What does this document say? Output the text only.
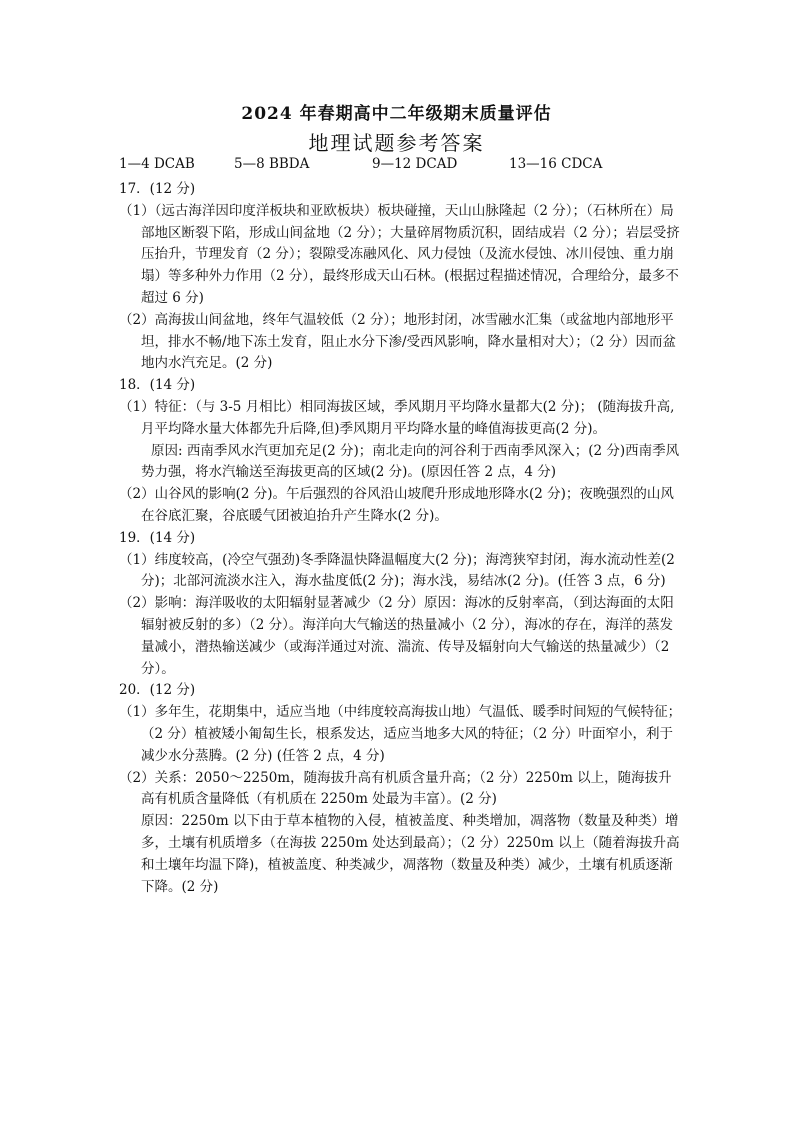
2024 年春期高中二年级期末质量评估
地理试题参考答案
1—4 DCAB	5—8 BBDA	9—12 DCAD	13—16 CDCA

17．(12 分)

（1）（远古海洋因印度洋板块和亚欧板块）板块碰撞，天山山脉隆起（2 分）；（石林所在）局部地区断裂下陷，形成山间盆地（2 分）；大量碎屑物质沉积，固结成岩（2 分）；岩层受挤压抬升，节理发育（2 分）；裂隙受冻融风化、风力侵蚀（及流水侵蚀、冰川侵蚀、重力崩塌）等多种外力作用（2 分），最终形成天山石林。(根据过程描述情况，合理给分，最多不超过 6 分)

（2）高海拔山间盆地，终年气温较低（2 分）；地形封闭，冰雪融水汇集（或盆地内部地形平坦，排水不畅/地下冻土发育，阻止水分下渗/受西风影响，降水量相对大）；（2 分）因而盆地内水汽充足。(2 分)

18．(14 分)

（1）特征：（与 3-5 月相比）相同海拔区域，季风期月平均降水量都大(2 分)； (随海拔升高,月平均降水量大体都先升后降,但)季风期月平均降水量的峰值海拔更高(2 分)。

原因: 西南季风水汽更加充足(2 分)；南北走向的河谷利于西南季风深入；(2 分)西南季风势力强，将水汽输送至海拔更高的区域(2 分)。(原因任答 2 点，4 分)

（2）山谷风的影响(2 分)。午后强烈的谷风沿山坡爬升形成地形降水(2 分)；夜晚强烈的山风在谷底汇聚，谷底暖气团被迫抬升产生降水(2 分)。

19．(14 分)

（1）纬度较高，(冷空气强劲)冬季降温快降温幅度大(2 分)；海湾狭窄封闭，海水流动性差(2 分)；北部河流淡水注入，海水盐度低(2 分)；海水浅，易结冰(2 分)。(任答 3 点，6 分)

（2）影响：海洋吸收的太阳辐射显著减少（2 分）原因：海冰的反射率高，（到达海面的太阳辐射被反射的多）（2 分）。海洋向大气输送的热量减小（2 分），海冰的存在，海洋的蒸发量减小，潜热输送减少（或海洋通过对流、湍流、传导及辐射向大气输送的热量减少）（2 分）。

20．(12 分)

（1）多年生，花期集中，适应当地（中纬度较高海拔山地）气温低、暖季时间短的气候特征；（2 分）植被矮小匍匐生长，根系发达，适应当地多大风的特征；（2 分）叶面窄小，利于减少水分蒸腾。(2 分) (任答 2 点，4 分)

（2）关系：2050～2250m，随海拔升高有机质含量升高；（2 分）2250m 以上，随海拔升高有机质含量降低（有机质在 2250m 处最为丰富）。(2 分)

原因：2250m 以下由于草本植物的入侵，植被盖度、种类增加，凋落物（数量及种类）增多，土壤有机质增多（在海拔 2250m 处达到最高）；（2 分）2250m 以上（随着海拔升高和土壤年均温下降)，植被盖度、种类减少，凋落物（数量及种类）减少，土壤有机质逐渐下降。(2 分)
